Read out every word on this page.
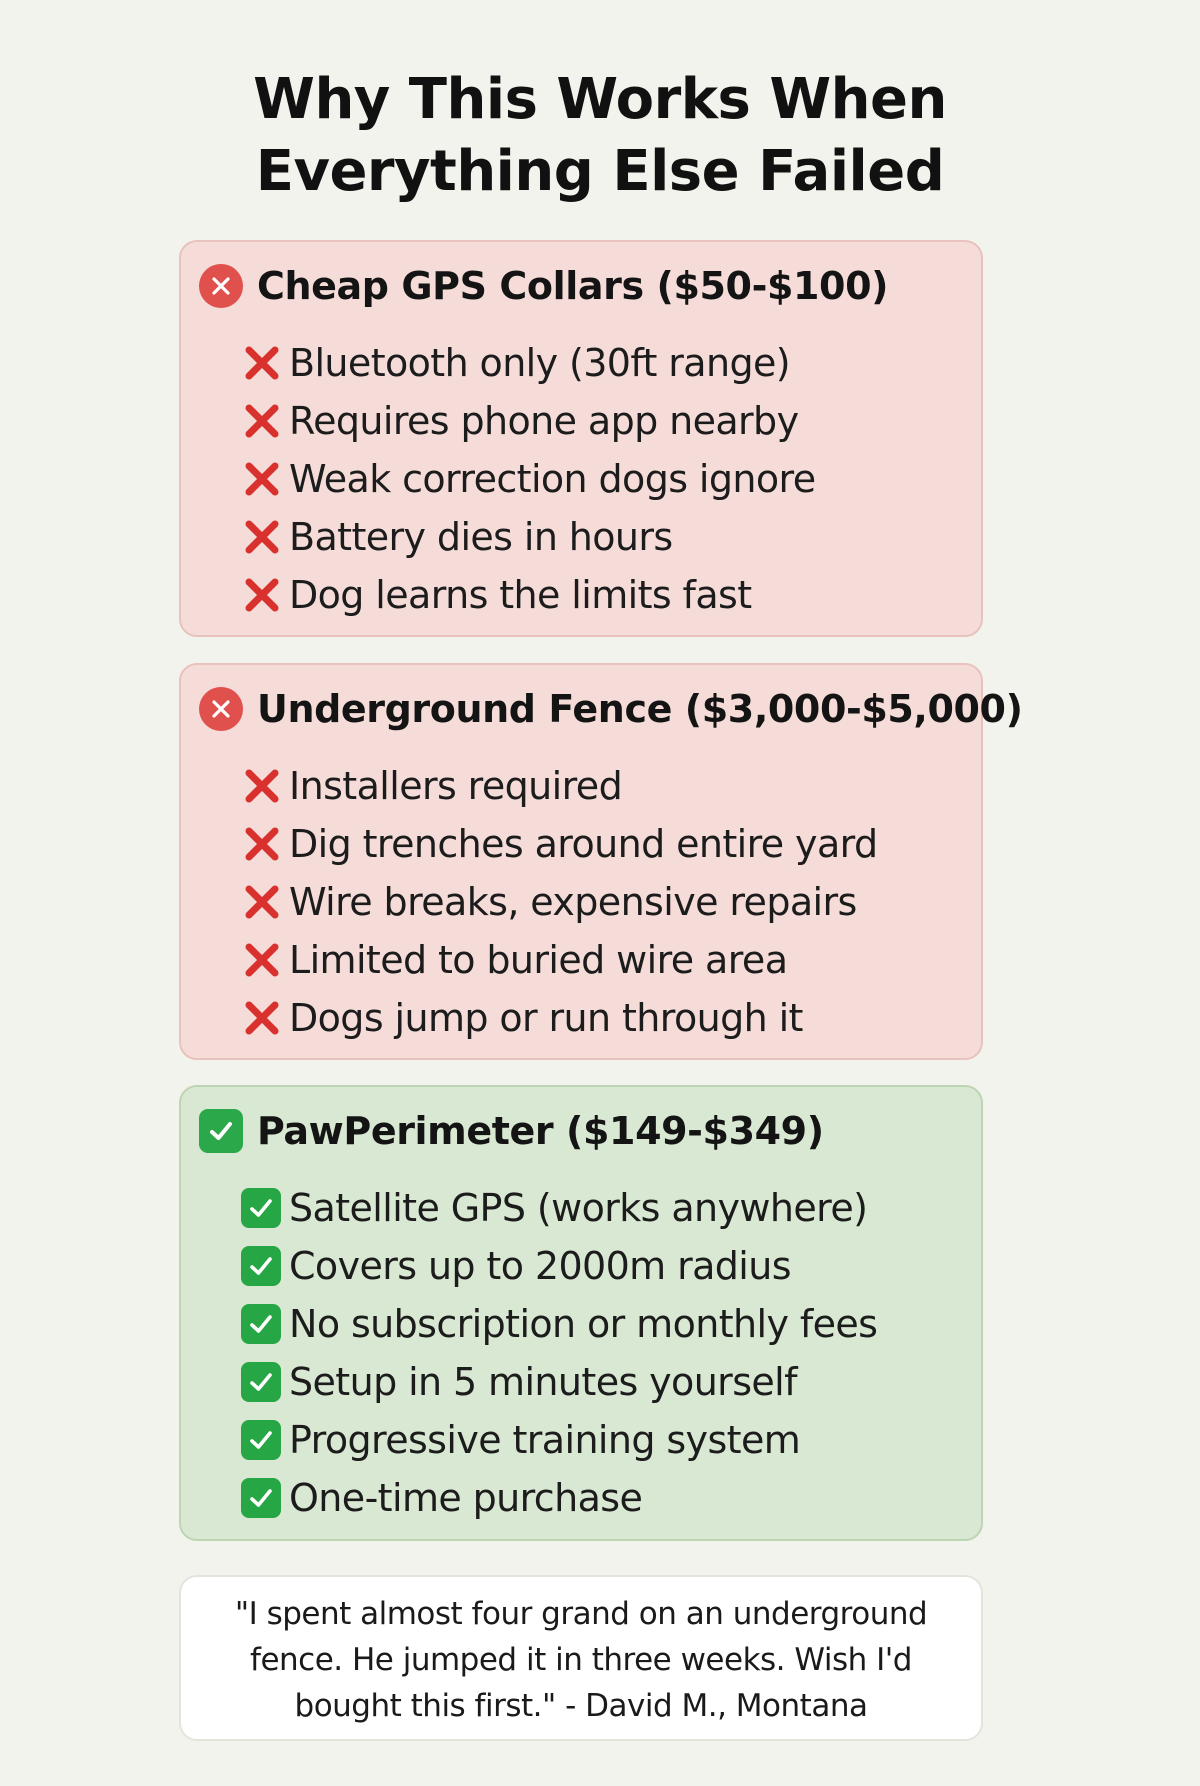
Why This Works When
Everything Else Failed
Cheap GPS Collars ($50-$100)
Bluetooth only (30ft range)
Requires phone app nearby
Weak correction dogs ignore
Battery dies in hours
Dog learns the limits fast
Underground Fence ($3,000-$5,000)
Installers required
Dig trenches around entire yard
Wire breaks, expensive repairs
Limited to buried wire area
Dogs jump or run through it
PawPerimeter ($149-$349)
Satellite GPS (works anywhere)
Covers up to 2000m radius
No subscription or monthly fees
Setup in 5 minutes yourself
Progressive training system
One-time purchase
"I spent almost four grand on an underground
fence. He jumped it in three weeks. Wish I'd
bought this first." - David M., Montana
